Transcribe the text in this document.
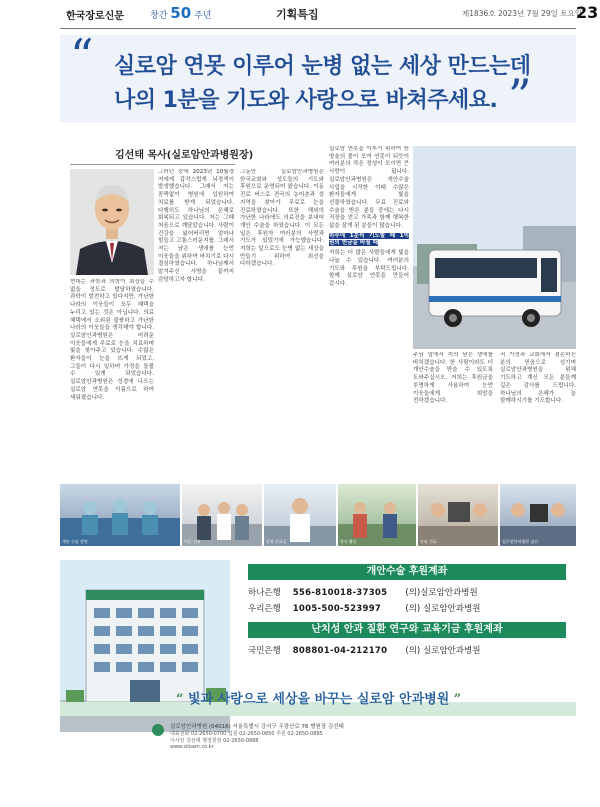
한국장로신문	창간 50 주년	기획특집	제1836호 2023년 7월 29일 토요일
23
“ 실로암 연못 이루어 눈병 없는 세상 만드는데
나의 1분을 기도와 사랑으로 바쳐주세요. ”
김선태 목사(실로암안과병원장)

현대는 과학과 의학이 최상을 수 없을 정도로 발달하였습니다. 과학이 발전하고 있다지만, 가난한 나라의 이웃들이 모두 혜택을 누리고 있는 것은 아닙니다. 의료 혜택에서 소외된 불쌍하고 가난한 나라의 이웃들을 생각해야 합니다. 실로암안과병원은 어려운 이웃들에게 무료로 눈을 치료하며 빛을 찾아주고 있습니다. 수많은 환자들이 눈을 뜨게 되었고, 그들이 다시 일하며 가정을 돌볼 수 있게 되었습니다. 실로암안과병원은 성경에 나오는 실로암 연못을 이름으로 하여 세워졌습니다.

그러던 중에 2023년 10월경 저에게 갑작스럽게 뇌경색이 발생했습니다. 그래서 저는 꼼짝없이 병원에 입원하여 치료를 받게 되었습니다. 다행히도 하나님의 은혜로 회복되고 있습니다. 저는 그때 처음으로 깨달았습니다. 사람이 건강을 잃어버리면 얼마나 힘들고 고통스러운지를. 그래서 저는 남은 생애를 눈먼 이웃들을 위하여 바치기로 다시 결심하였습니다. 하나님께서 맡겨주신 사명을 끝까지 감당하고자 합니다.

그동안 실로암안과병원은 한국교회와 성도들의 기도와 후원으로 운영되어 왔습니다. 이동 진료 버스로 전국의 농어촌과 섬 지역을 찾아가 무료로 눈을 진료하였습니다. 또한 해외의 가난한 나라에도 의료진을 보내어 개안 수술을 하였습니다. 이 모든 일은 후원자 여러분의 사랑과 기도가 있었기에 가능했습니다. 저희는 앞으로도 눈병 없는 세상을 만들기 위하여 최선을 다하겠습니다.

실로암 연못을 이루기 위하여 한 방울의 물이 모여 연못이 되듯이 여러분의 작은 정성이 모이면 큰 사랑이 됩니다. 실로암안과병원은 개안수술 사업을 시작한 이래 수많은 환자들에게 빛을 선물하였습니다. 무료 진료와 수술을 받은 분들 중에는 다시 직장을 얻고 가족과 함께 행복한 삶을 살게 된 분들이 많습니다.

하루에 1분씩 기도할 때 1억 원의 헌금을 바칠 때

저희는 더 많은 사람들에게 빛을 나눌 수 있습니다. 여러분의 기도와 후원을 부탁드립니다. 함께 실로암 연못을 만들어 갑시다.

주님 앞에서 저의 남은 생애를 바치겠습니다. 한 사람이라도 더 개안수술을 받을 수 있도록 도와주십시오. 저희는 후원금을 투명하게 사용하여 눈먼 이웃들에게 희망을 전하겠습니다.

직 가정과 교회에서 겸손하신 분의 믿음으로 섬기며 실로암안과병원을 위해 기도하고 계신 모든 분들께 깊은 감사를 드립니다. 하나님의 은혜가 늘 함께하시기를 기도합니다.

개안 수술 장면	이동 진료	안과 진료실	봉사 활동	안과 진료	실로암안과병원 검진
개안수술 후원계좌
하나은행 556-810018-37305 (의)실로암안과병원
우리은행 1005-500-523997	(의) 실로암안과병원
난치성 안과 질환 연구와 교육기금 후원계좌
국민은행 808801-04-212170 (의) 실로암안과병원
“ 빛과 사랑으로 세상을 바꾸는 실로암 안과병원 ”
실로암안과병원 (04016) 서울특별시 강서구 우장산로 76 병원장 김선태
대표전화 02-2650-0700 입원 02-2650-0850 후원 02-2650-0885
이사장 김선태 행정원장 02-2650-0888
www.siloam.co.kr
